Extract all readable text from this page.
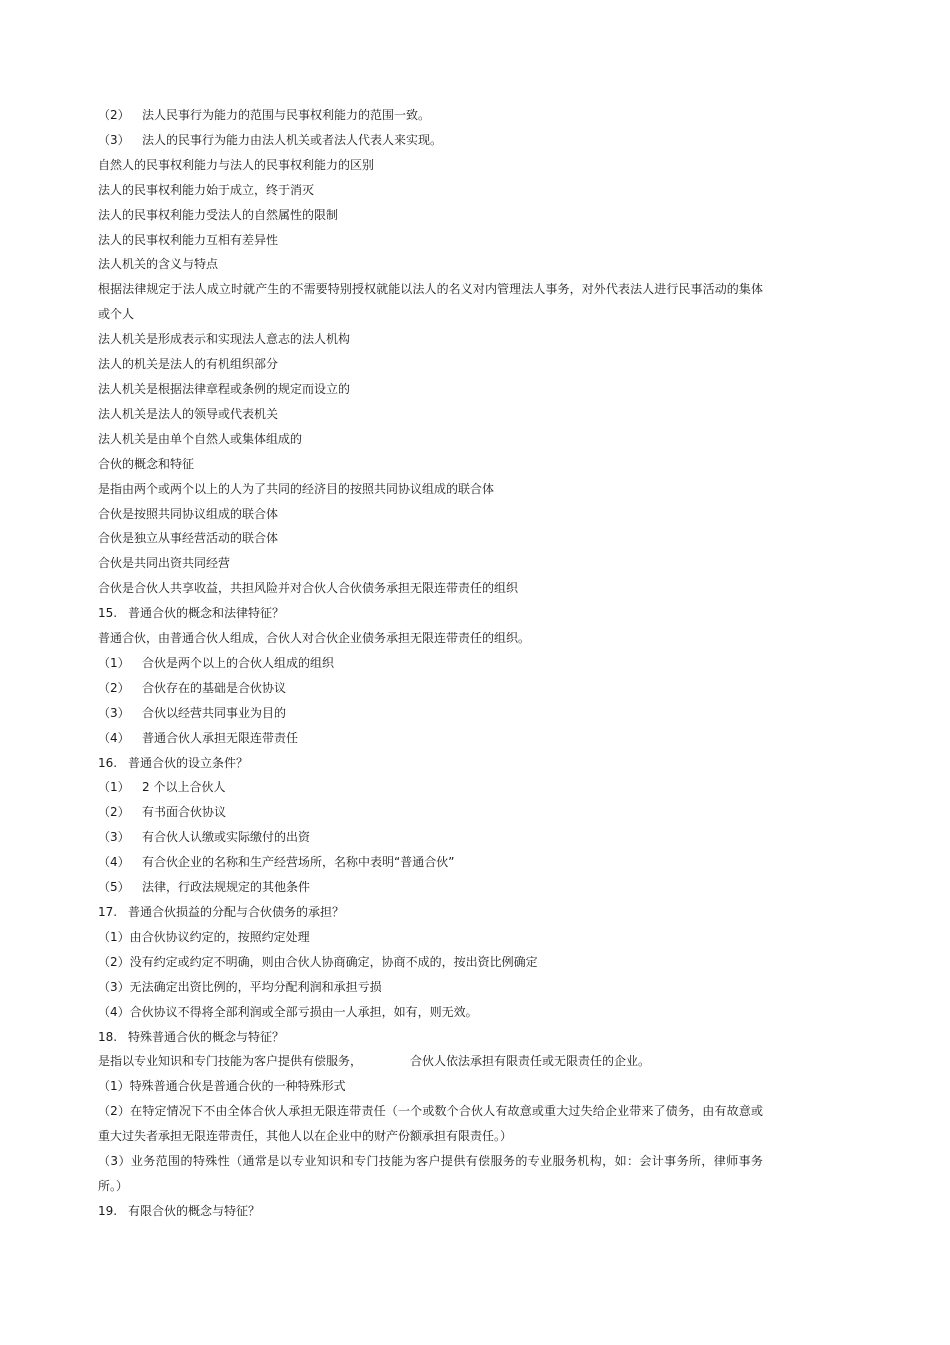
（2） 法人民事行为能力的范围与民事权利能力的范围一致。
（3） 法人的民事行为能力由法人机关或者法人代表人来实现。
自然人的民事权利能力与法人的民事权利能力的区别
法人的民事权利能力始于成立，终于消灭
法人的民事权利能力受法人的自然属性的限制
法人的民事权利能力互相有差异性
法人机关的含义与特点
根据法律规定于法人成立时就产生的不需要特别授权就能以法人的名义对内管理法人事务，对外代表法人进行民事活动的集体或个人
法人机关是形成表示和实现法人意志的法人机构
法人的机关是法人的有机组织部分
法人机关是根据法律章程或条例的规定而设立的
法人机关是法人的领导或代表机关
法人机关是由单个自然人或集体组成的
合伙的概念和特征
是指由两个或两个以上的人为了共同的经济目的按照共同协议组成的联合体
合伙是按照共同协议组成的联合体
合伙是独立从事经营活动的联合体
合伙是共同出资共同经营
合伙是合伙人共享收益，共担风险并对合伙人合伙债务承担无限连带责任的组织
15. 普通合伙的概念和法律特征？
普通合伙，由普通合伙人组成，合伙人对合伙企业债务承担无限连带责任的组织。
（1） 合伙是两个以上的合伙人组成的组织
（2） 合伙存在的基础是合伙协议
（3） 合伙以经营共同事业为目的
（4） 普通合伙人承担无限连带责任
16. 普通合伙的设立条件？
（1） 2 个以上合伙人
（2） 有书面合伙协议
（3） 有合伙人认缴或实际缴付的出资
（4） 有合伙企业的名称和生产经营场所，名称中表明“普通合伙”
（5） 法律，行政法规规定的其他条件
17. 普通合伙损益的分配与合伙债务的承担？
（1）由合伙协议约定的，按照约定处理
（2）没有约定或约定不明确，则由合伙人协商确定，协商不成的，按出资比例确定
（3）无法确定出资比例的，平均分配利润和承担亏损
（4）合伙协议不得将全部利润或全部亏损由一人承担，如有，则无效。
18. 特殊普通合伙的概念与特征？
是指以专业知识和专门技能为客户提供有偿服务，	合伙人依法承担有限责任或无限责任的企业。
（1）特殊普通合伙是普通合伙的一种特殊形式
（2）在特定情况下不由全体合伙人承担无限连带责任（一个或数个合伙人有故意或重大过失给企业带来了债务，由有故意或重大过失者承担无限连带责任，其他人以在企业中的财产份额承担有限责任。）
（3）业务范围的特殊性（通常是以专业知识和专门技能为客户提供有偿服务的专业服务机构，如：会计事务所，律师事务所。）
19. 有限合伙的概念与特征？
